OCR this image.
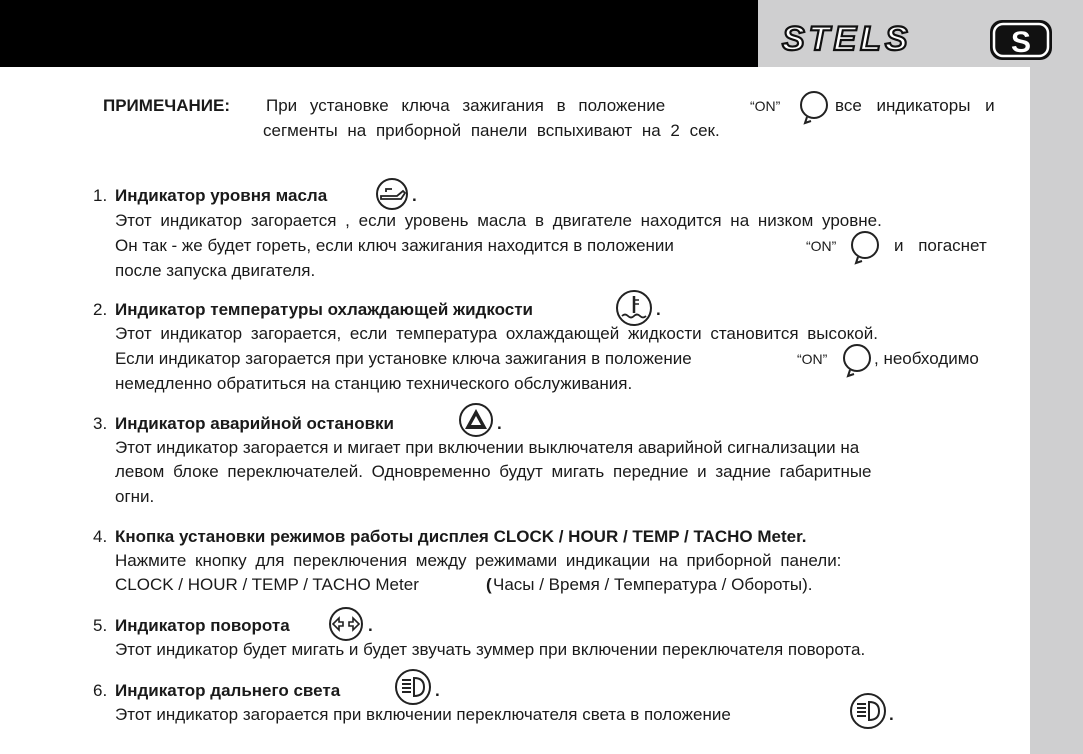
STELS	S
ПРИМЕЧАНИЕ: При установке ключа зажигания в положение	“ON”	все индикаторы и
сегменты на приборной панели вспыхивают на 2 сек.
1. Индикатор уровня масла	.
Этот индикатор загорается , если уровень масла в двигателе находится на низком уровне.
Он так - же будет гореть, если ключ зажигания находится в положении	“ON”	и погаснет
после запуска двигателя.
2. Индикатор температуры охлаждающей жидкости	.
Этот индикатор загорается, если температура охлаждающей жидкости становится высокой.
Если индикатор загорается при установке ключа зажигания в положение	“ON”	, необходимо
немедленно обратиться на станцию технического обслуживания.
3. Индикатор аварийной остановки	.
Этот индикатор загорается и мигает при включении выключателя аварийной сигнализации на
левом блоке переключателей. Одновременно будут мигать передние и задние габаритные
огни.
4. Кнопка установки режимов работы дисплея CLOCK / HOUR / TEMP / TACHO Meter.
Нажмите кнопку для переключения между режимами индикации на приборной панели:
CLOCK / HOUR / TEMP / TACHO Meter	( Часы / Время / Температура / Обороты).
5. Индикатор поворота	.
Этот индикатор будет мигать и будет звучать зуммер при включении переключателя поворота.
6. Индикатор дальнего света	.
Этот индикатор загорается при включении переключателя света в положение	.
